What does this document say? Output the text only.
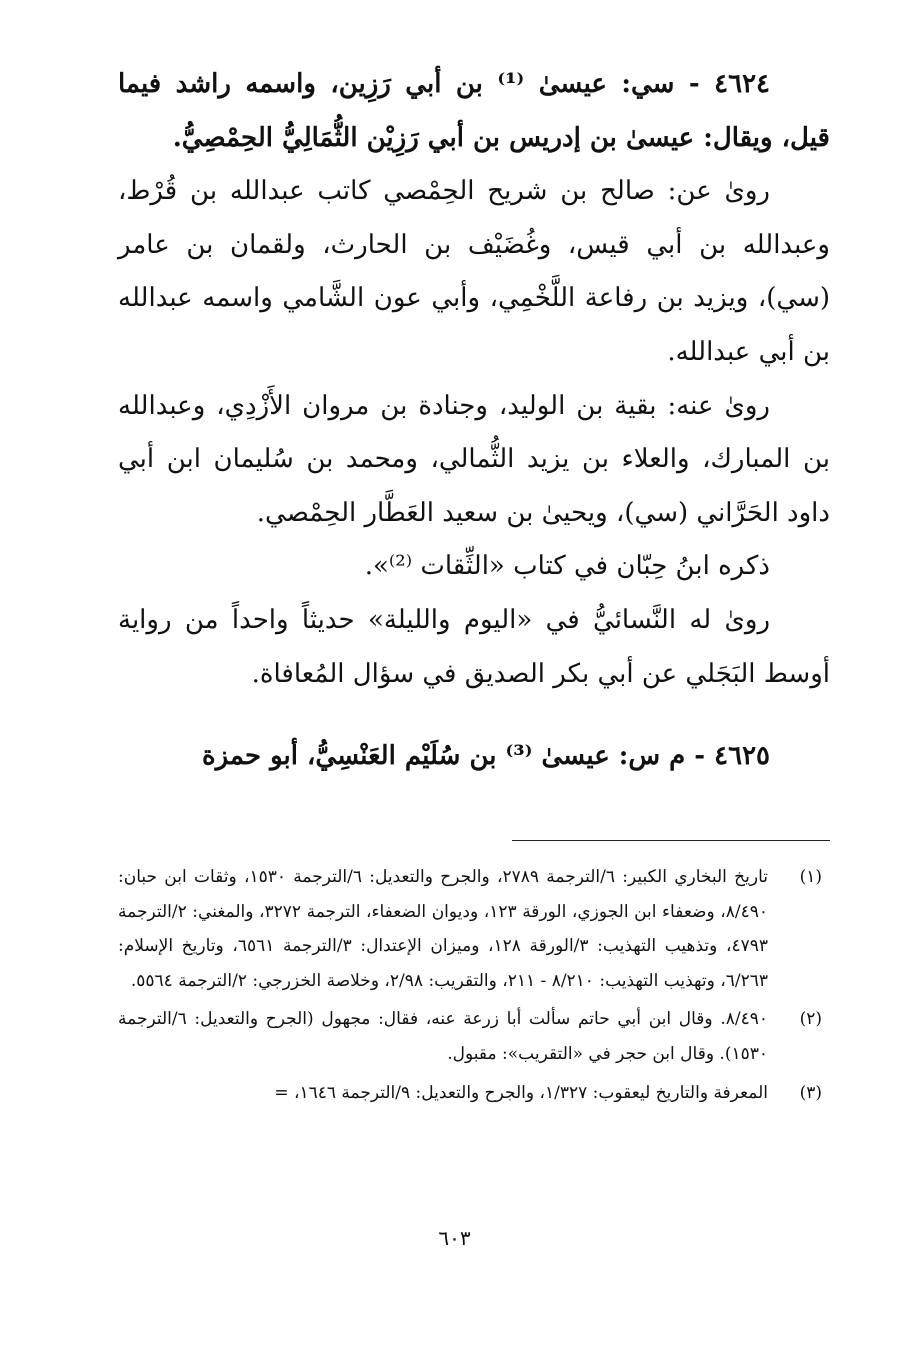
٤٦٢٤ - سي: عيسىٰ ⁽¹⁾ بن أبي رَزِين، واسمه راشد فيما قيل، ويقال: عيسىٰ بن إدريس بن أبي رَزِيْن الثُّمَالِيُّ الحِمْصِيُّ.

رویٰ عن: صالح بن شريح الحِمْصي كاتب عبدالله بن قُرْط، وعبدالله بن أبي قيس، وغُضَيْف بن الحارث، ولقمان بن عامر (سي)، ويزيد بن رفاعة اللَّخْمِي، وأبي عون الشَّامي واسمه عبدالله بن أبي عبدالله.

رویٰ عنه: بقية بن الوليد، وجنادة بن مروان الأَزْدِي، وعبدالله بن المبارك، والعلاء بن يزيد الثُّمالي، ومحمد بن سُليمان ابن أبي داود الحَرَّاني (سي)، ويحيىٰ بن سعيد العَطَّار الحِمْصي.

ذكره ابنُ حِبّان في كتاب «الثِّقات ⁽²⁾».

رویٰ له النَّسائيُّ في «اليوم والليلة» حديثاً واحداً من رواية أوسط البَجَلي عن أبي بكر الصديق في سؤال المُعافاة.

٤٦٢٥ - م س: عيسىٰ ⁽³⁾ بن سُلَيْم العَنْسِيُّ، أبو حمزة

(١)
تاريخ البخاري الكبير: ٦/الترجمة ٢٧٨٩، والجرح والتعديل: ٦/الترجمة ١٥٣٠، وثقات ابن حبان: ٨/٤٩٠، وضعفاء ابن الجوزي، الورقة ١٢٣، وديوان الضعفاء، الترجمة ٣٢٧٢، والمغني: ٢/الترجمة ٤٧٩٣، وتذهيب التهذيب: ٣/الورقة ١٢٨، وميزان الإعتدال: ٣/الترجمة ٦٥٦١، وتاريخ الإسلام: ٦/٢٦٣، وتهذيب التهذيب: ٨/٢١٠ - ٢١١، والتقريب: ٢/٩٨، وخلاصة الخزرجي: ٢/الترجمة ٥٥٦٤.
(٢)
٨/٤٩٠. وقال ابن أبي حاتم سألت أبا زرعة عنه، فقال: مجهول (الجرح والتعديل: ٦/الترجمة ١٥٣٠). وقال ابن حجر في «التقريب»: مقبول.
(٣)
المعرفة والتاريخ ليعقوب: ١/٣٢٧، والجرح والتعديل: ٩/الترجمة ١٦٤٦، =
٦٠٣
